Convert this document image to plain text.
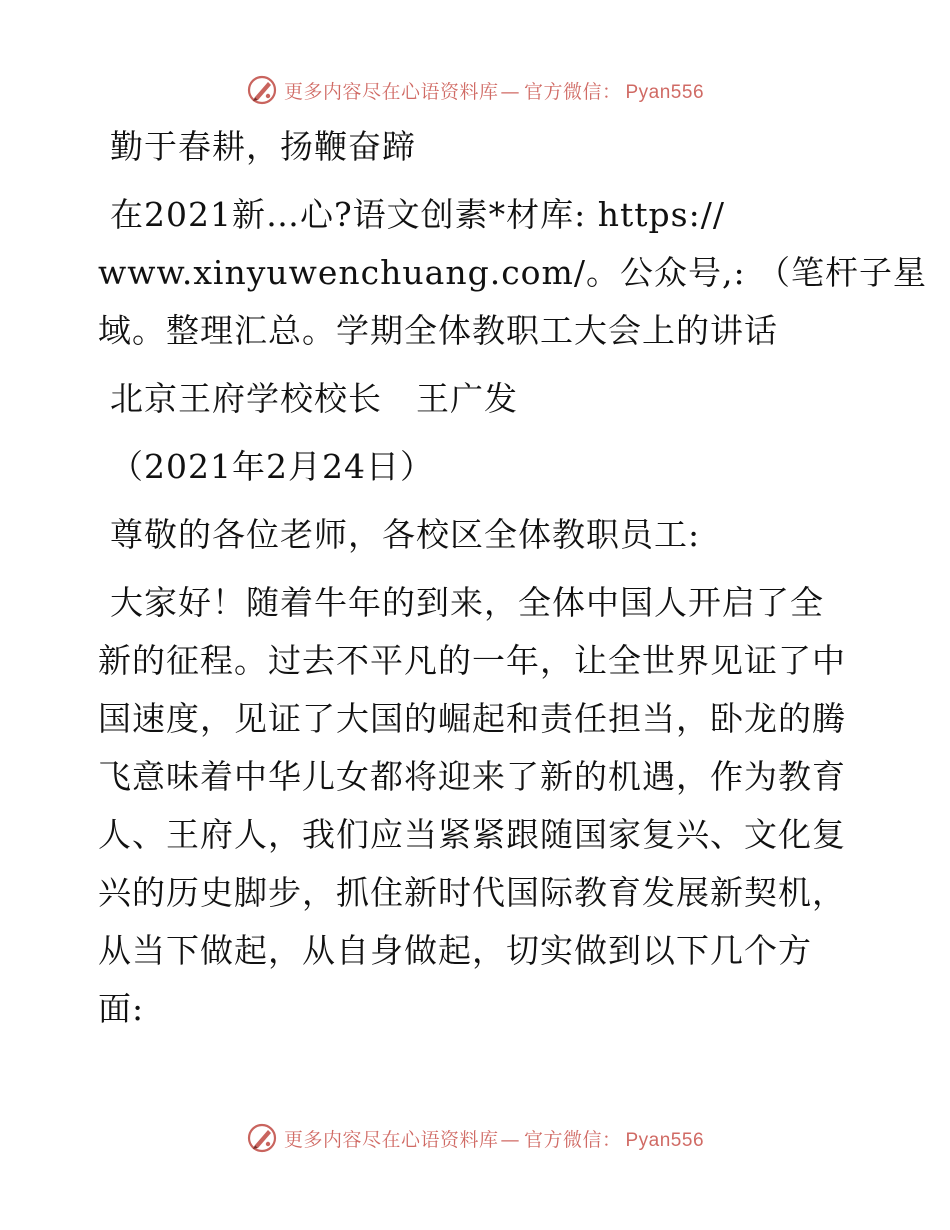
更多内容尽在心语资料库 — 官方微信： Pyan556
勤于春耕，扬鞭奋蹄
在2021新…心?语文创素*材库: https://
www.xinyuwenchuang.com/。公众号,: （笔杆子星
域。整理汇总。学期全体教职工大会上的讲话
北京王府学校校长　王广发
（2021年2月24日）
尊敬的各位老师，各校区全体教职员工:
大家好！随着牛年的到来，全体中国人开启了全
新的征程。过去不平凡的一年，让全世界见证了中
国速度，见证了大国的崛起和责任担当，卧龙的腾
飞意味着中华儿女都将迎来了新的机遇，作为教育
人、王府人，我们应当紧紧跟随国家复兴、文化复
兴的历史脚步，抓住新时代国际教育发展新契机，
从当下做起，从自身做起，切实做到以下几个方
面:
更多内容尽在心语资料库 — 官方微信： Pyan556
